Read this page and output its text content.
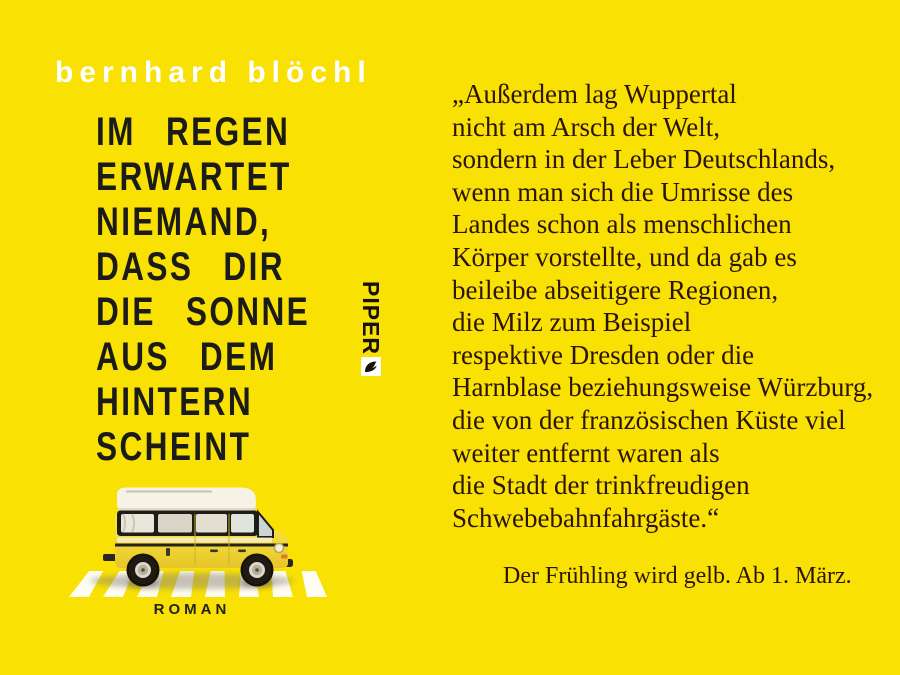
bernhard blöchl
IM REGEN
ERWARTET
NIEMAND,
DASS DIR
DIE SONNE
AUS DEM
HINTERN
SCHEINT
PIPER
ROMAN
„Außerdem lag Wuppertal
nicht am Arsch der Welt,
sondern in der Leber Deutschlands,
wenn man sich die Umrisse des
Landes schon als menschlichen
Körper vorstellte, und da gab es
beileibe abseitigere Regionen,
die Milz zum Beispiel
respektive Dresden oder die
Harnblase beziehungsweise Würzburg,
die von der französischen Küste viel
weiter entfernt waren als
die Stadt der trinkfreudigen
Schwebebahnfahrgäste.“
Der Frühling wird gelb. Ab 1. März.
